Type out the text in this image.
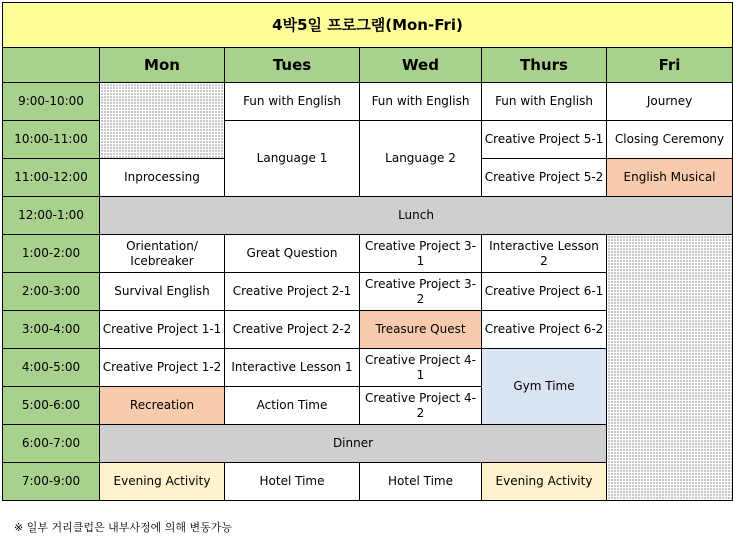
4박5일 프로그램(Mon-Fri)					
	Mon	Tues	Wed	Thurs	Fri
9:00-10:00		Fun with English	Fun with English	Fun with English	Journey
10:00-11:00		Language 1	Language 2	Creative Project 5-1	Closing Ceremony
11:00-12:00	Inprocessing			Creative Project 5-2	English Musical
12:00-1:00	Lunch				
1:00-2:00	Orientation/ Icebreaker	Great Question	Creative Project 3-1	Interactive Lesson 2	
2:00-3:00	Survival English	Creative Project 2-1	Creative Project 3-2	Creative Project 6-1	
3:00-4:00	Creative Project 1-1	Creative Project 2-2	Treasure Quest	Creative Project 6-2	
4:00-5:00	Creative Project 1-2	Interactive Lesson 1	Creative Project 4-1	Gym Time	
5:00-6:00	Recreation	Action Time	Creative Project 4-2		
6:00-7:00	Dinner				
7:00-9:00	Evening Activity	Hotel Time	Hotel Time	Evening Activity	
※ 일부 거리클럽은 내부사정에 의해 변동가능
